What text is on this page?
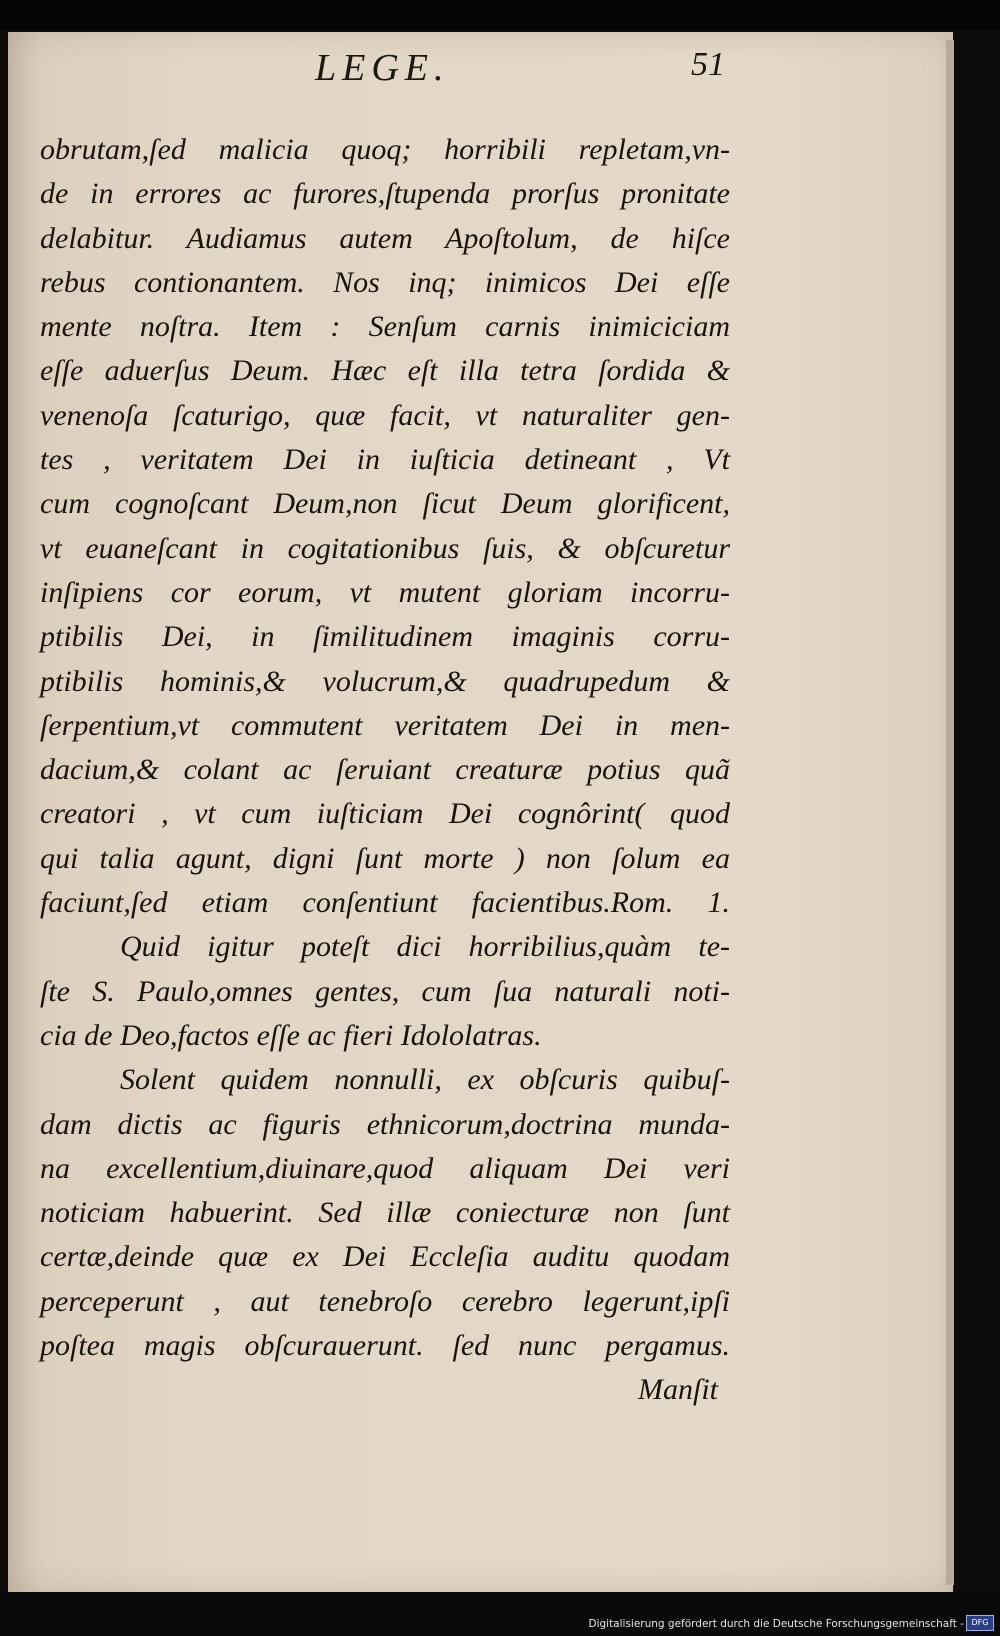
LEGE.	51
obrutam,ſed malicia quoq; horribili repletam,vn-
de in errores ac furores,ſtupenda prorſus pronitate
delabitur. Audiamus autem Apoſtolum, de hiſce
rebus contionantem. Nos inq; inimicos Dei eſſe
mente noſtra. Item : Senſum carnis inimiciciam
eſſe aduerſus Deum. Hæc eſt illa tetra ſordida &
venenoſa ſcaturigo, quæ facit, vt naturaliter gen-
tes , veritatem Dei in iuſticia detineant , Vt
cum cognoſcant Deum,non ſicut Deum glorificent,
vt euaneſcant in cogitationibus ſuis, & obſcuretur
inſipiens cor eorum, vt mutent gloriam incorru-
ptibilis Dei, in ſimilitudinem imaginis corru-
ptibilis hominis,& volucrum,& quadrupedum &
ſerpentium,vt commutent veritatem Dei in men-
dacium,& colant ac ſeruiant creaturæ potius quã
creatori , vt cum iuſticiam Dei cognôrint( quod
qui talia agunt, digni ſunt morte ) non ſolum ea
faciunt,ſed etiam conſentiunt facientibus.Rom. 1.
Quid igitur poteſt dici horribilius,quàm te-
ſte S. Paulo,omnes gentes, cum ſua naturali noti-
cia de Deo,factos eſſe ac fieri Idololatras.
Solent quidem nonnulli, ex obſcuris quibuſ-
dam dictis ac figuris ethnicorum,doctrina munda-
na excellentium,diuinare,quod aliquam Dei veri
noticiam habuerint. Sed illæ coniecturæ non ſunt
certæ,deinde quæ ex Dei Eccleſia auditu quodam
perceperunt , aut tenebroſo cerebro legerunt,ipſi
poſtea magis obſcurauerunt. ſed nunc pergamus.
Manſit
Digitalisierung gefördert durch die Deutsche Forschungsgemeinschaft - DFG
